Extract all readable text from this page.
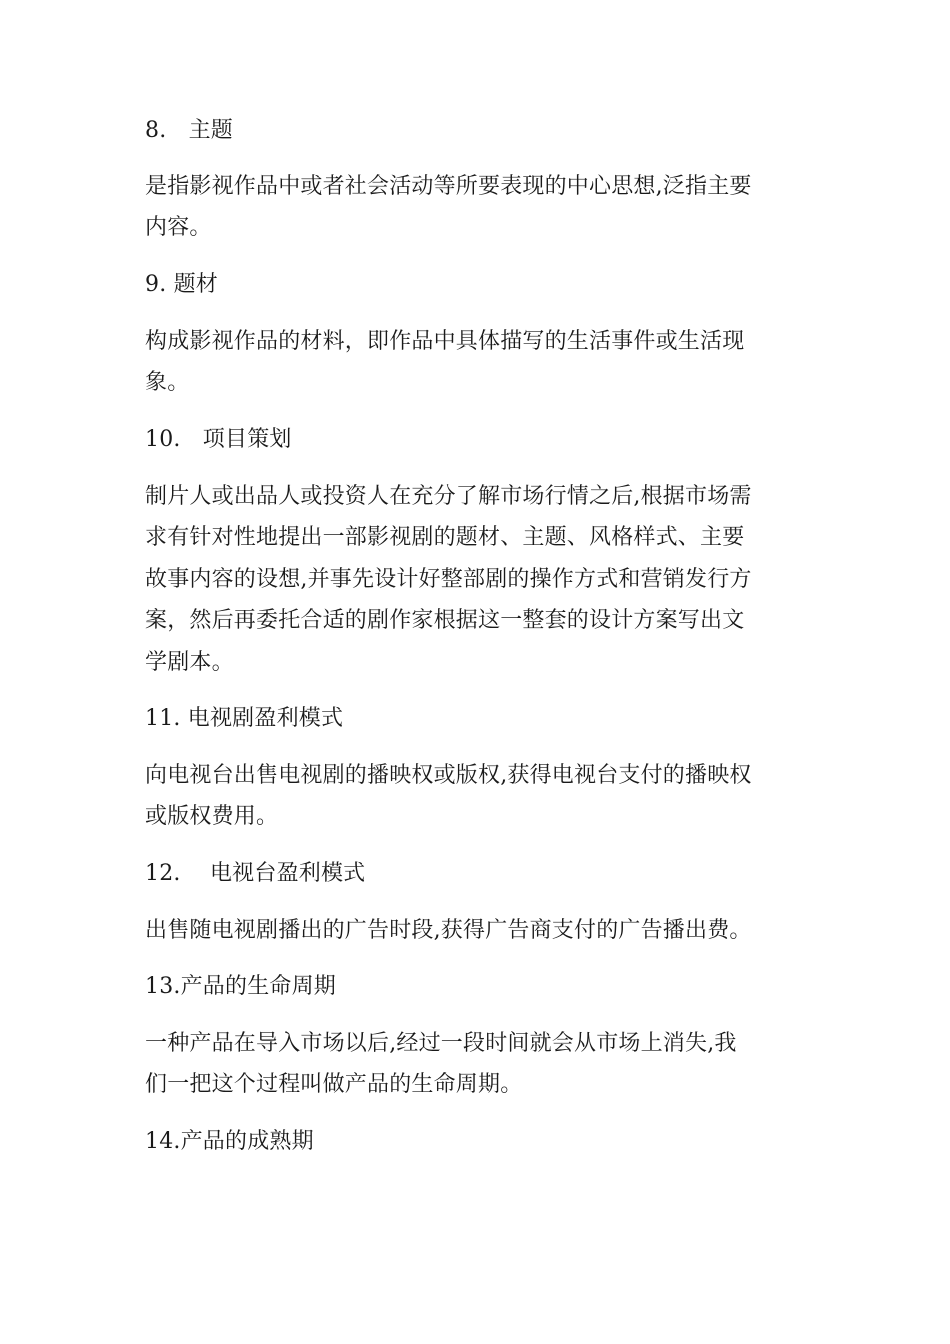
8.　主题
是指影视作品中或者社会活动等所要表现的中心思想,泛指主要
内容。
9. 题材
构成影视作品的材料，即作品中具体描写的生活事件或生活现
象。
10.　项目策划
制片人或出品人或投资人在充分了解市场行情之后,根据市场需
求有针对性地提出一部影视剧的题材、主题、风格样式、主要
故事内容的设想,并事先设计好整部剧的操作方式和营销发行方
案，然后再委托合适的剧作家根据这一整套的设计方案写出文
学剧本。
11. 电视剧盈利模式
向电视台出售电视剧的播映权或版权,获得电视台支付的播映权
或版权费用。
12.　 电视台盈利模式
出售随电视剧播出的广告时段,获得广告商支付的广告播出费。
13.产品的生命周期
一种产品在导入市场以后,经过一段时间就会从市场上消失,我
们一把这个过程叫做产品的生命周期。
14.产品的成熟期
